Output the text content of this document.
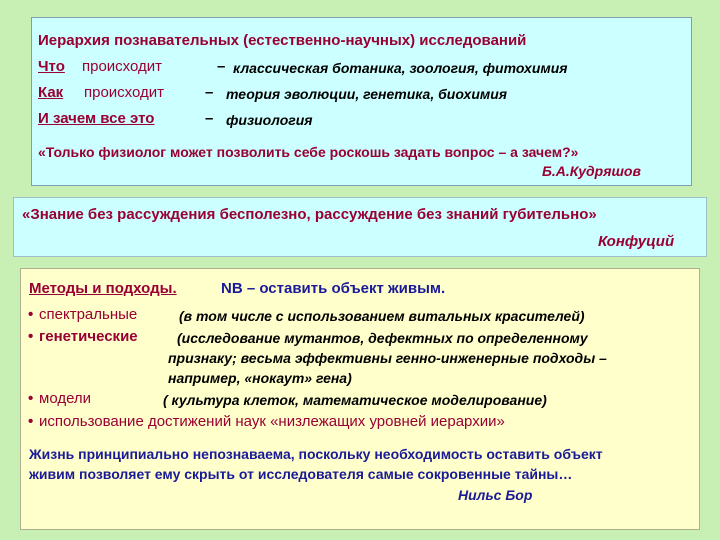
Иерархия познавательных (естественно-научных) исследований
Что происходит	– классическая ботаника, зоология, фитохимия
Как происходит	– теория эволюции, генетика, биохимия
И зачем все это	– физиология
«Только физиолог может позволить себе роскошь задать вопрос – а зачем?»
Б.А.Кудряшов
«Знание без рассуждения бесполезно, рассуждение без знаний губительно»
Конфуций
Методы и подходы.	NB – оставить объект живым.
• спектральные	(в том числе с использованием витальных красителей)
• генетические	(исследование мутантов, дефектных по определенному
признаку; весьма эффективны генно-инженерные подходы –
например, «нокаут» гена)
• модели	( культура клеток, математическое моделирование)
• использование достижений наук «низлежащих уровней иерархии»
Жизнь принципиально непознаваема, поскольку необходимость оставить объект
живим позволяет ему скрыть от исследователя самые сокровенные тайны…
Нильс Бор
